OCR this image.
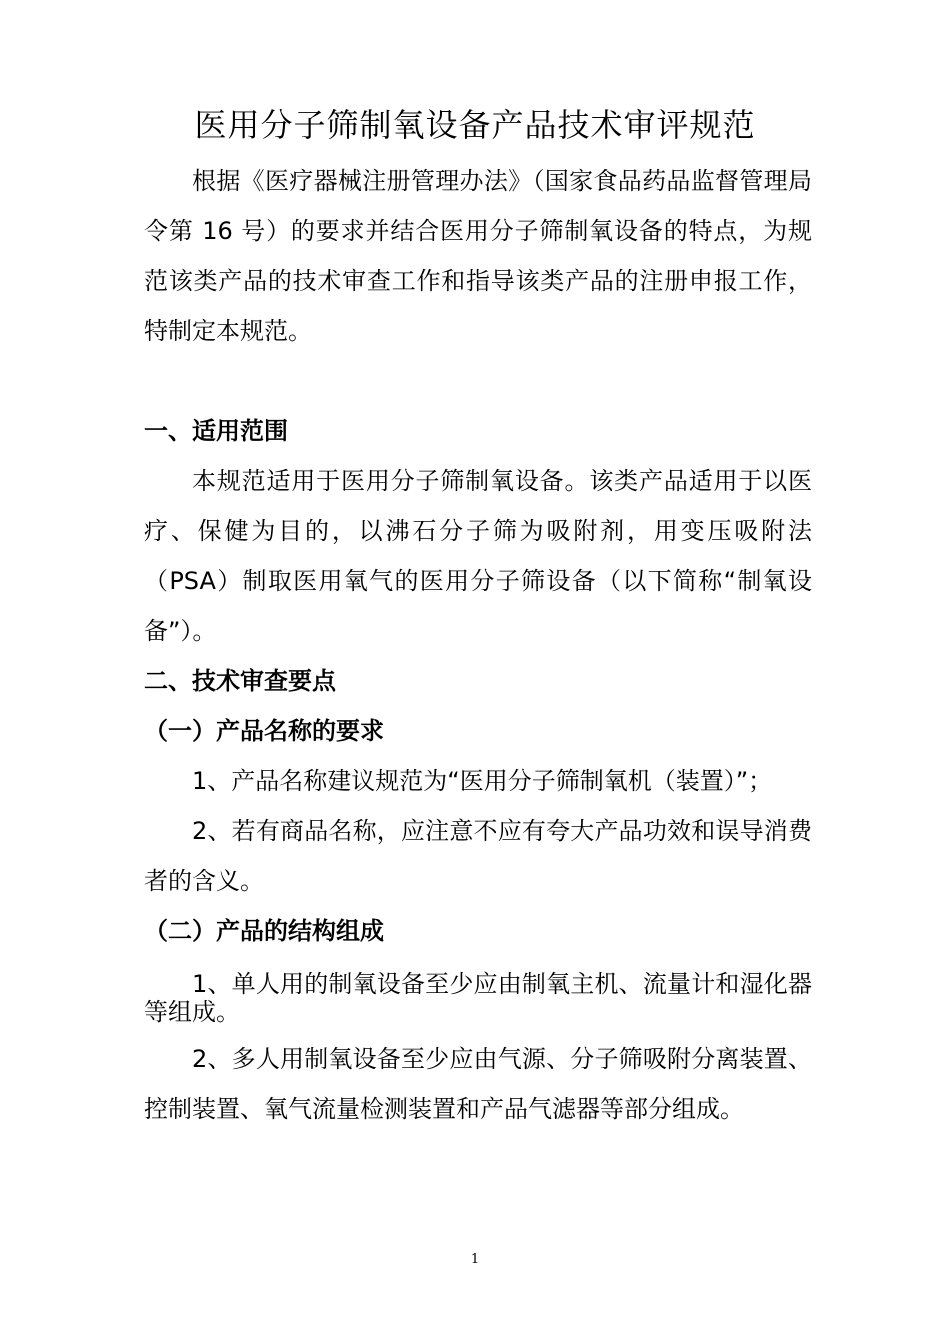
医用分子筛制氧设备产品技术审评规范

根据《医疗器械注册管理办法》（国家食品药品监督管理局令第 16 号）的要求并结合医用分子筛制氧设备的特点，为规范该类产品的技术审查工作和指导该类产品的注册申报工作，特制定本规范。

一、适用范围

本规范适用于医用分子筛制氧设备。该类产品适用于以医疗、保健为目的，以沸石分子筛为吸附剂，用变压吸附法（PSA）制取医用氧气的医用分子筛设备（以下简称“制氧设备”）。

二、技术审查要点

（一）产品名称的要求

1、产品名称建议规范为“医用分子筛制氧机（装置）”；

2、若有商品名称，应注意不应有夸大产品功效和误导消费者的含义。

（二）产品的结构组成

1、单人用的制氧设备至少应由制氧主机、流量计和湿化器等组成。

2、多人用制氧设备至少应由气源、分子筛吸附分离装置、控制装置、氧气流量检测装置和产品气滤器等部分组成。

1
